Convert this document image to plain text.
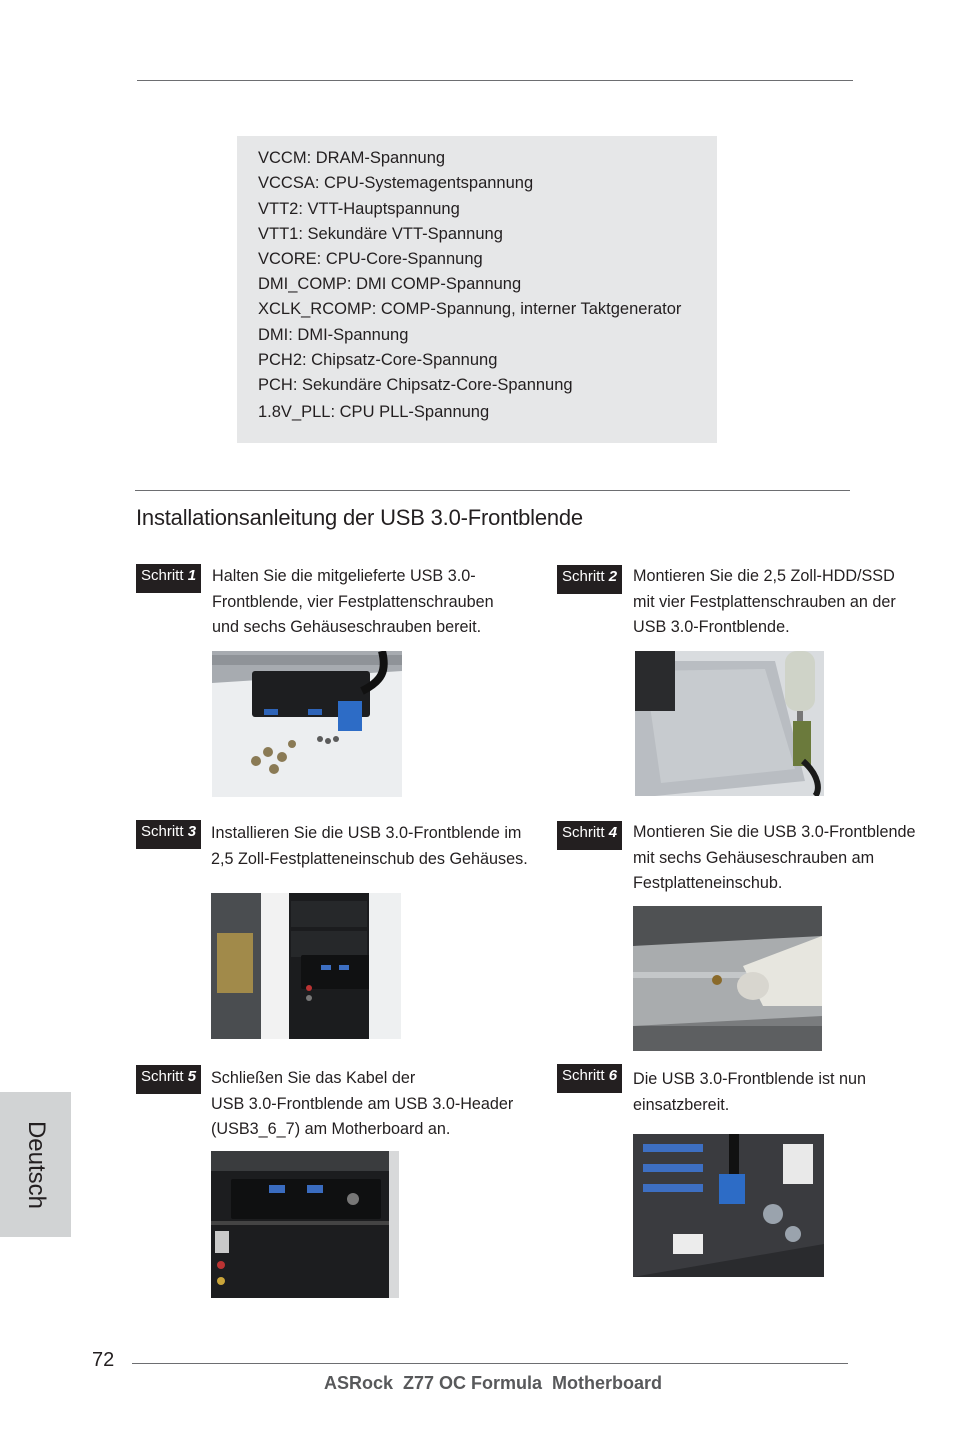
VCCM: DRAM-Spannung
VCCSA: CPU-Systemagentspannung
VTT2: VTT-Hauptspannung
VTT1: Sekundäre VTT-Spannung
VCORE: CPU-Core-Spannung
DMI_COMP: DMI COMP-Spannung
XCLK_RCOMP: COMP-Spannung, interner Taktgenerator
DMI: DMI-Spannung
PCH2: Chipsatz-Core-Spannung
PCH: Sekundäre Chipsatz-Core-Spannung
1.8V_PLL: CPU PLL-Spannung
Installationsanleitung der USB 3.0-Frontblende
Schritt 1 Halten Sie die mitgelieferte USB 3.0-
Frontblende, vier Festplattenschrauben
und sechs Gehäuseschrauben bereit.
Schritt 2 Montieren Sie die 2,5 Zoll-HDD/SSD
mit vier Festplattenschrauben an der
USB 3.0-Frontblende.
Schritt 3 Installieren Sie die USB 3.0-Frontblende im
2,5 Zoll-Festplatteneinschub des Gehäuses.
Schritt 4 Montieren Sie die USB 3.0-Frontblende
mit sechs Gehäuseschrauben am
Festplatteneinschub.
Schritt 5 Schließen Sie das Kabel der
USB 3.0-Frontblende am USB 3.0-Header
(USB3_6_7) am Motherboard an.
Schritt 6 Die USB 3.0-Frontblende ist nun
einsatzbereit.
Deutsch
72
ASRock  Z77 OC Formula  Motherboard
